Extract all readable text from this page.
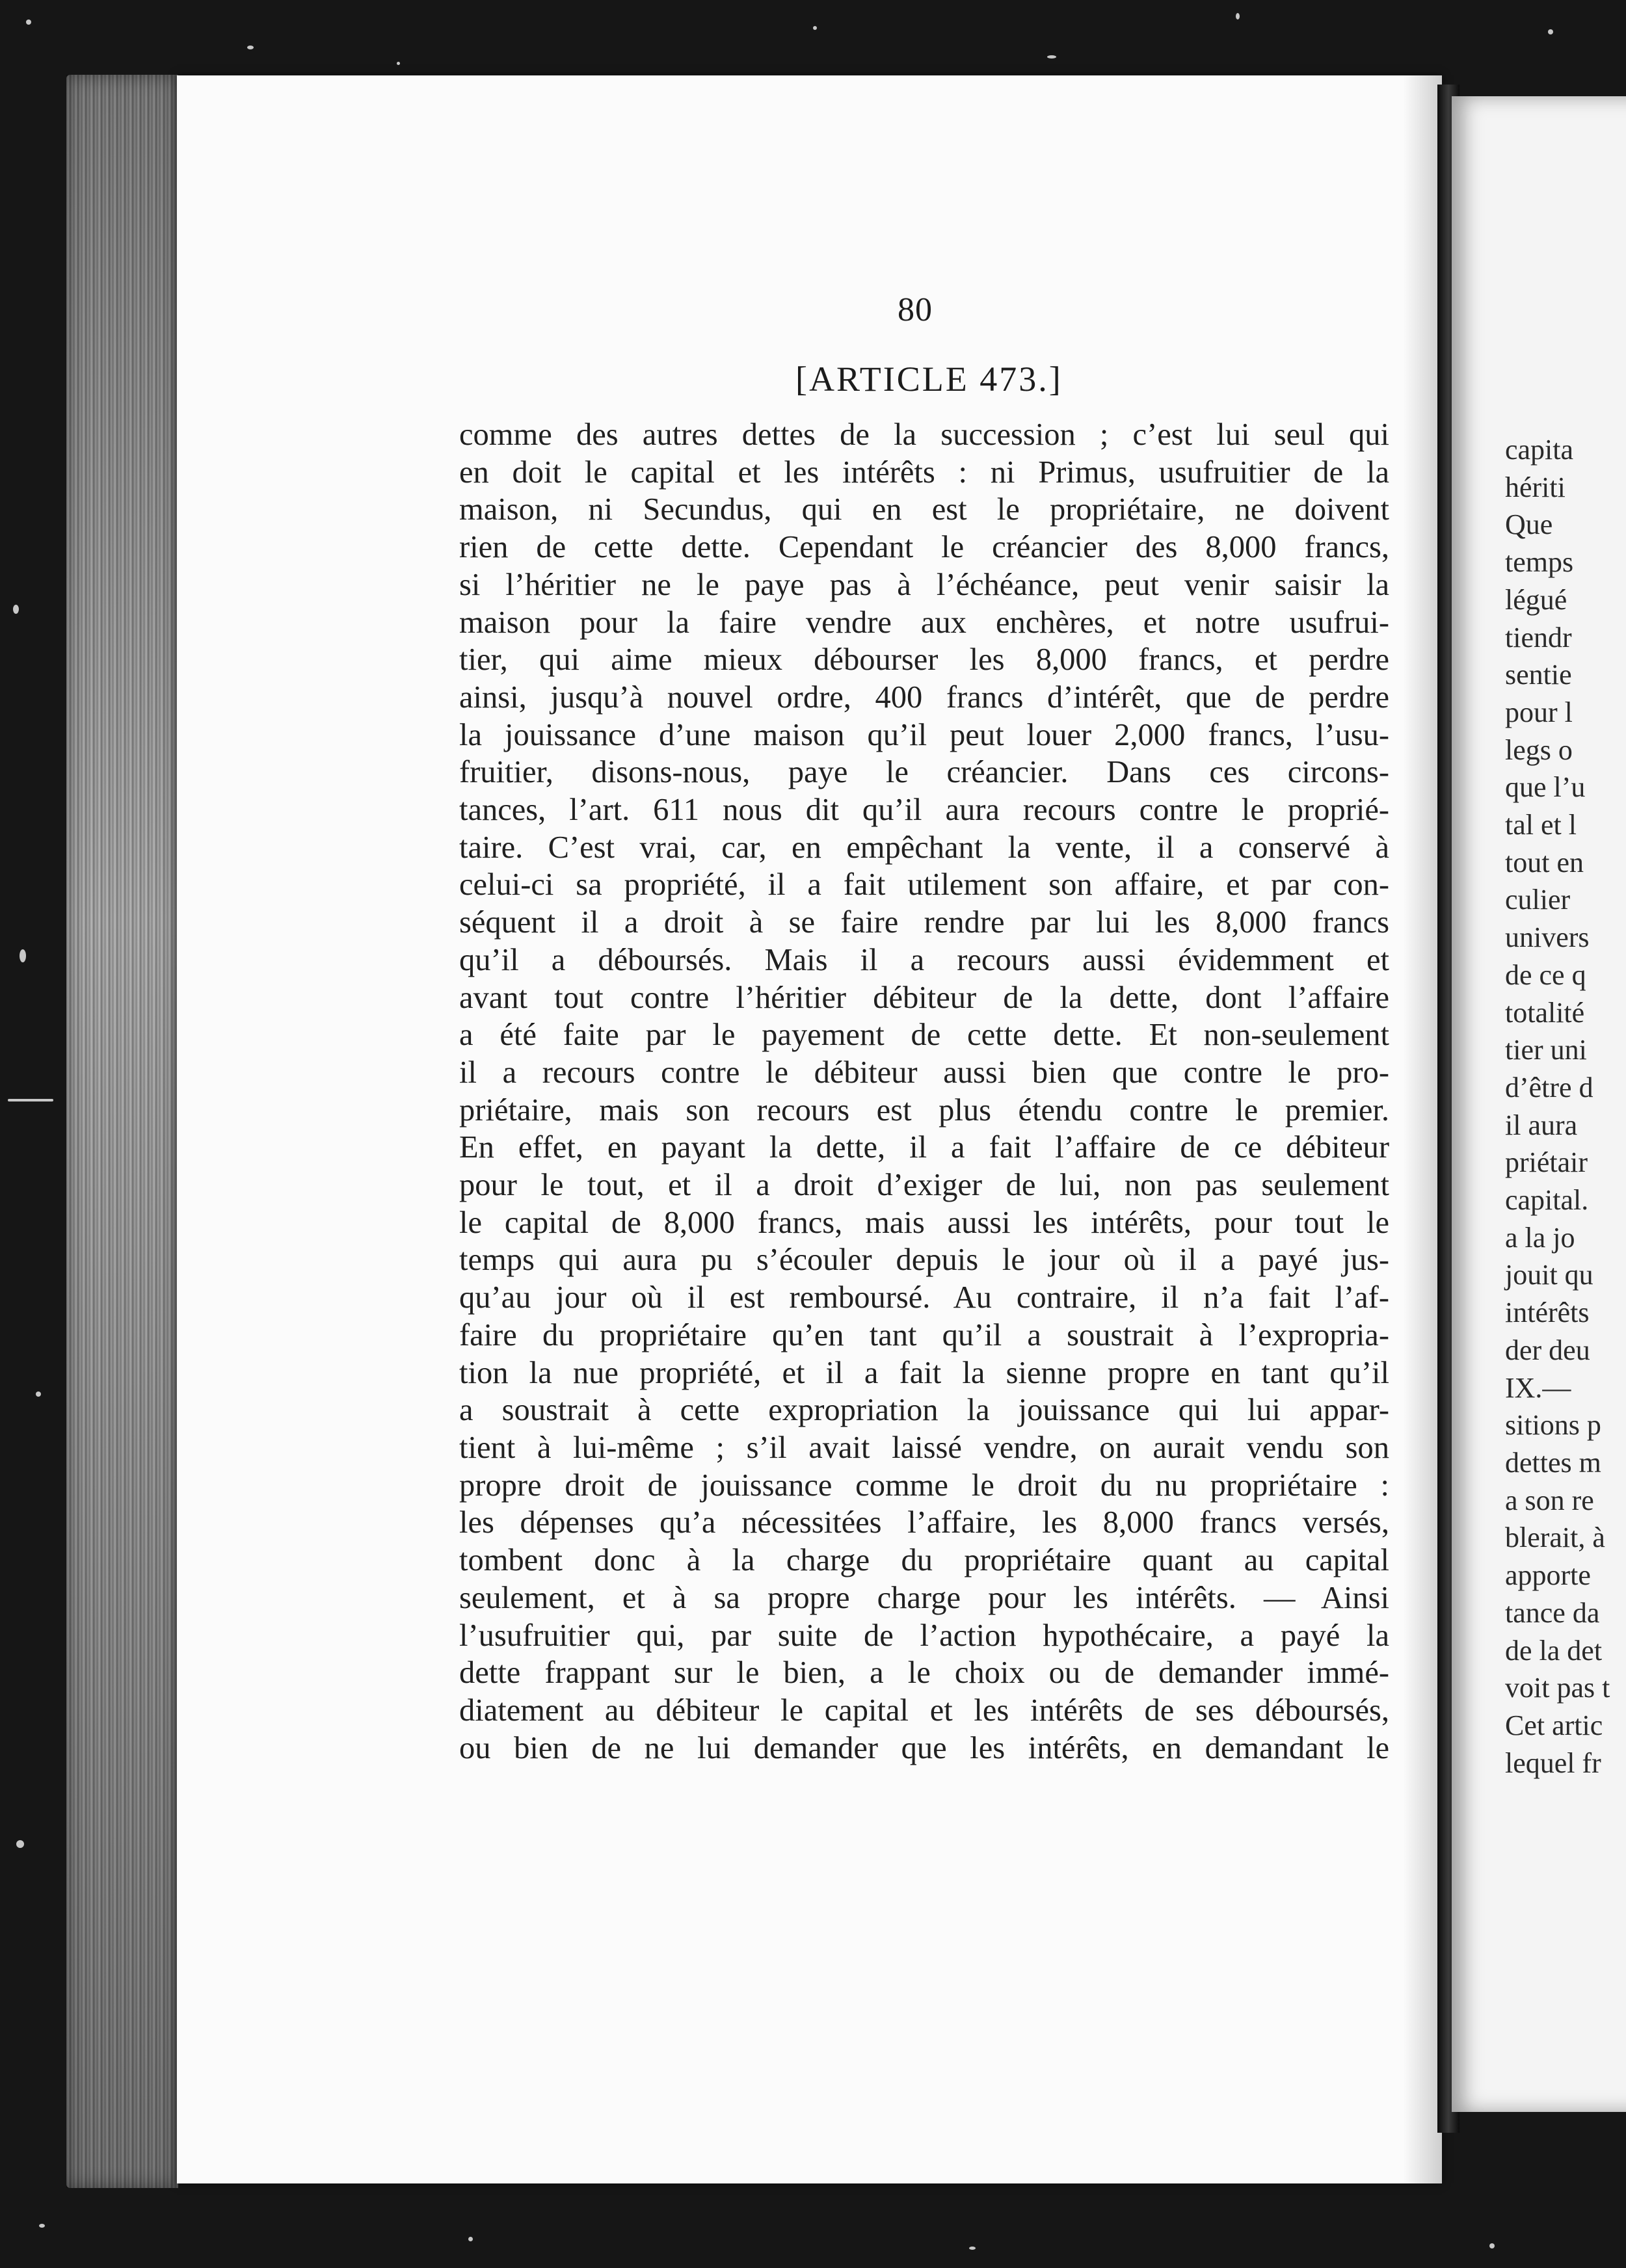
capita
hériti
Que
temps
légué
tiendr
sentie
pour l
legs o
que l’u
tal et l
tout en
culier
univers
de ce q
totalité
tier uni
d’être d
il aura
priétair
capital.
a la jo
jouit qu
intérêts
der deu
IX.—
sitions p
dettes m
a son re
blerait, à
apporte
tance da
de la det
voit pas t
Cet artic
lequel fr
80
[ARTICLE 473.]
comme des autres dettes de la succession ; c’est lui seul qui
en doit le capital et les intérêts : ni Primus, usufruitier de la
maison, ni Secundus, qui en est le propriétaire, ne doivent
rien de cette dette. Cependant le créancier des 8,000 francs,
si l’héritier ne le paye pas à l’échéance, peut venir saisir la
maison pour la faire vendre aux enchères, et notre usufrui-
tier, qui aime mieux débourser les 8,000 francs, et perdre
ainsi, jusqu’à nouvel ordre, 400 francs d’intérêt, que de perdre
la jouissance d’une maison qu’il peut louer 2,000 francs, l’usu-
fruitier, disons-nous, paye le créancier. Dans ces circons-
tances, l’art. 611 nous dit qu’il aura recours contre le proprié-
taire. C’est vrai, car, en empêchant la vente, il a conservé à
celui-ci sa propriété, il a fait utilement son affaire, et par con-
séquent il a droit à se faire rendre par lui les 8,000 francs
qu’il a déboursés. Mais il a recours aussi évidemment et
avant tout contre l’héritier débiteur de la dette, dont l’affaire
a été faite par le payement de cette dette. Et non-seulement
il a recours contre le débiteur aussi bien que contre le pro-
priétaire, mais son recours est plus étendu contre le premier.
En effet, en payant la dette, il a fait l’affaire de ce débiteur
pour le tout, et il a droit d’exiger de lui, non pas seulement
le capital de 8,000 francs, mais aussi les intérêts, pour tout le
temps qui aura pu s’écouler depuis le jour où il a payé jus-
qu’au jour où il est remboursé. Au contraire, il n’a fait l’af-
faire du propriétaire qu’en tant qu’il a soustrait à l’expropria-
tion la nue propriété, et il a fait la sienne propre en tant qu’il
a soustrait à cette expropriation la jouissance qui lui appar-
tient à lui-même ; s’il avait laissé vendre, on aurait vendu son
propre droit de jouissance comme le droit du nu propriétaire :
les dépenses qu’a nécessitées l’affaire, les 8,000 francs versés,
tombent donc à la charge du propriétaire quant au capital
seulement, et à sa propre charge pour les intérêts. — Ainsi
l’usufruitier qui, par suite de l’action hypothécaire, a payé la
dette frappant sur le bien, a le choix ou de demander immé-
diatement au débiteur le capital et les intérêts de ses déboursés,
ou bien de ne lui demander que les intérêts, en demandant le
